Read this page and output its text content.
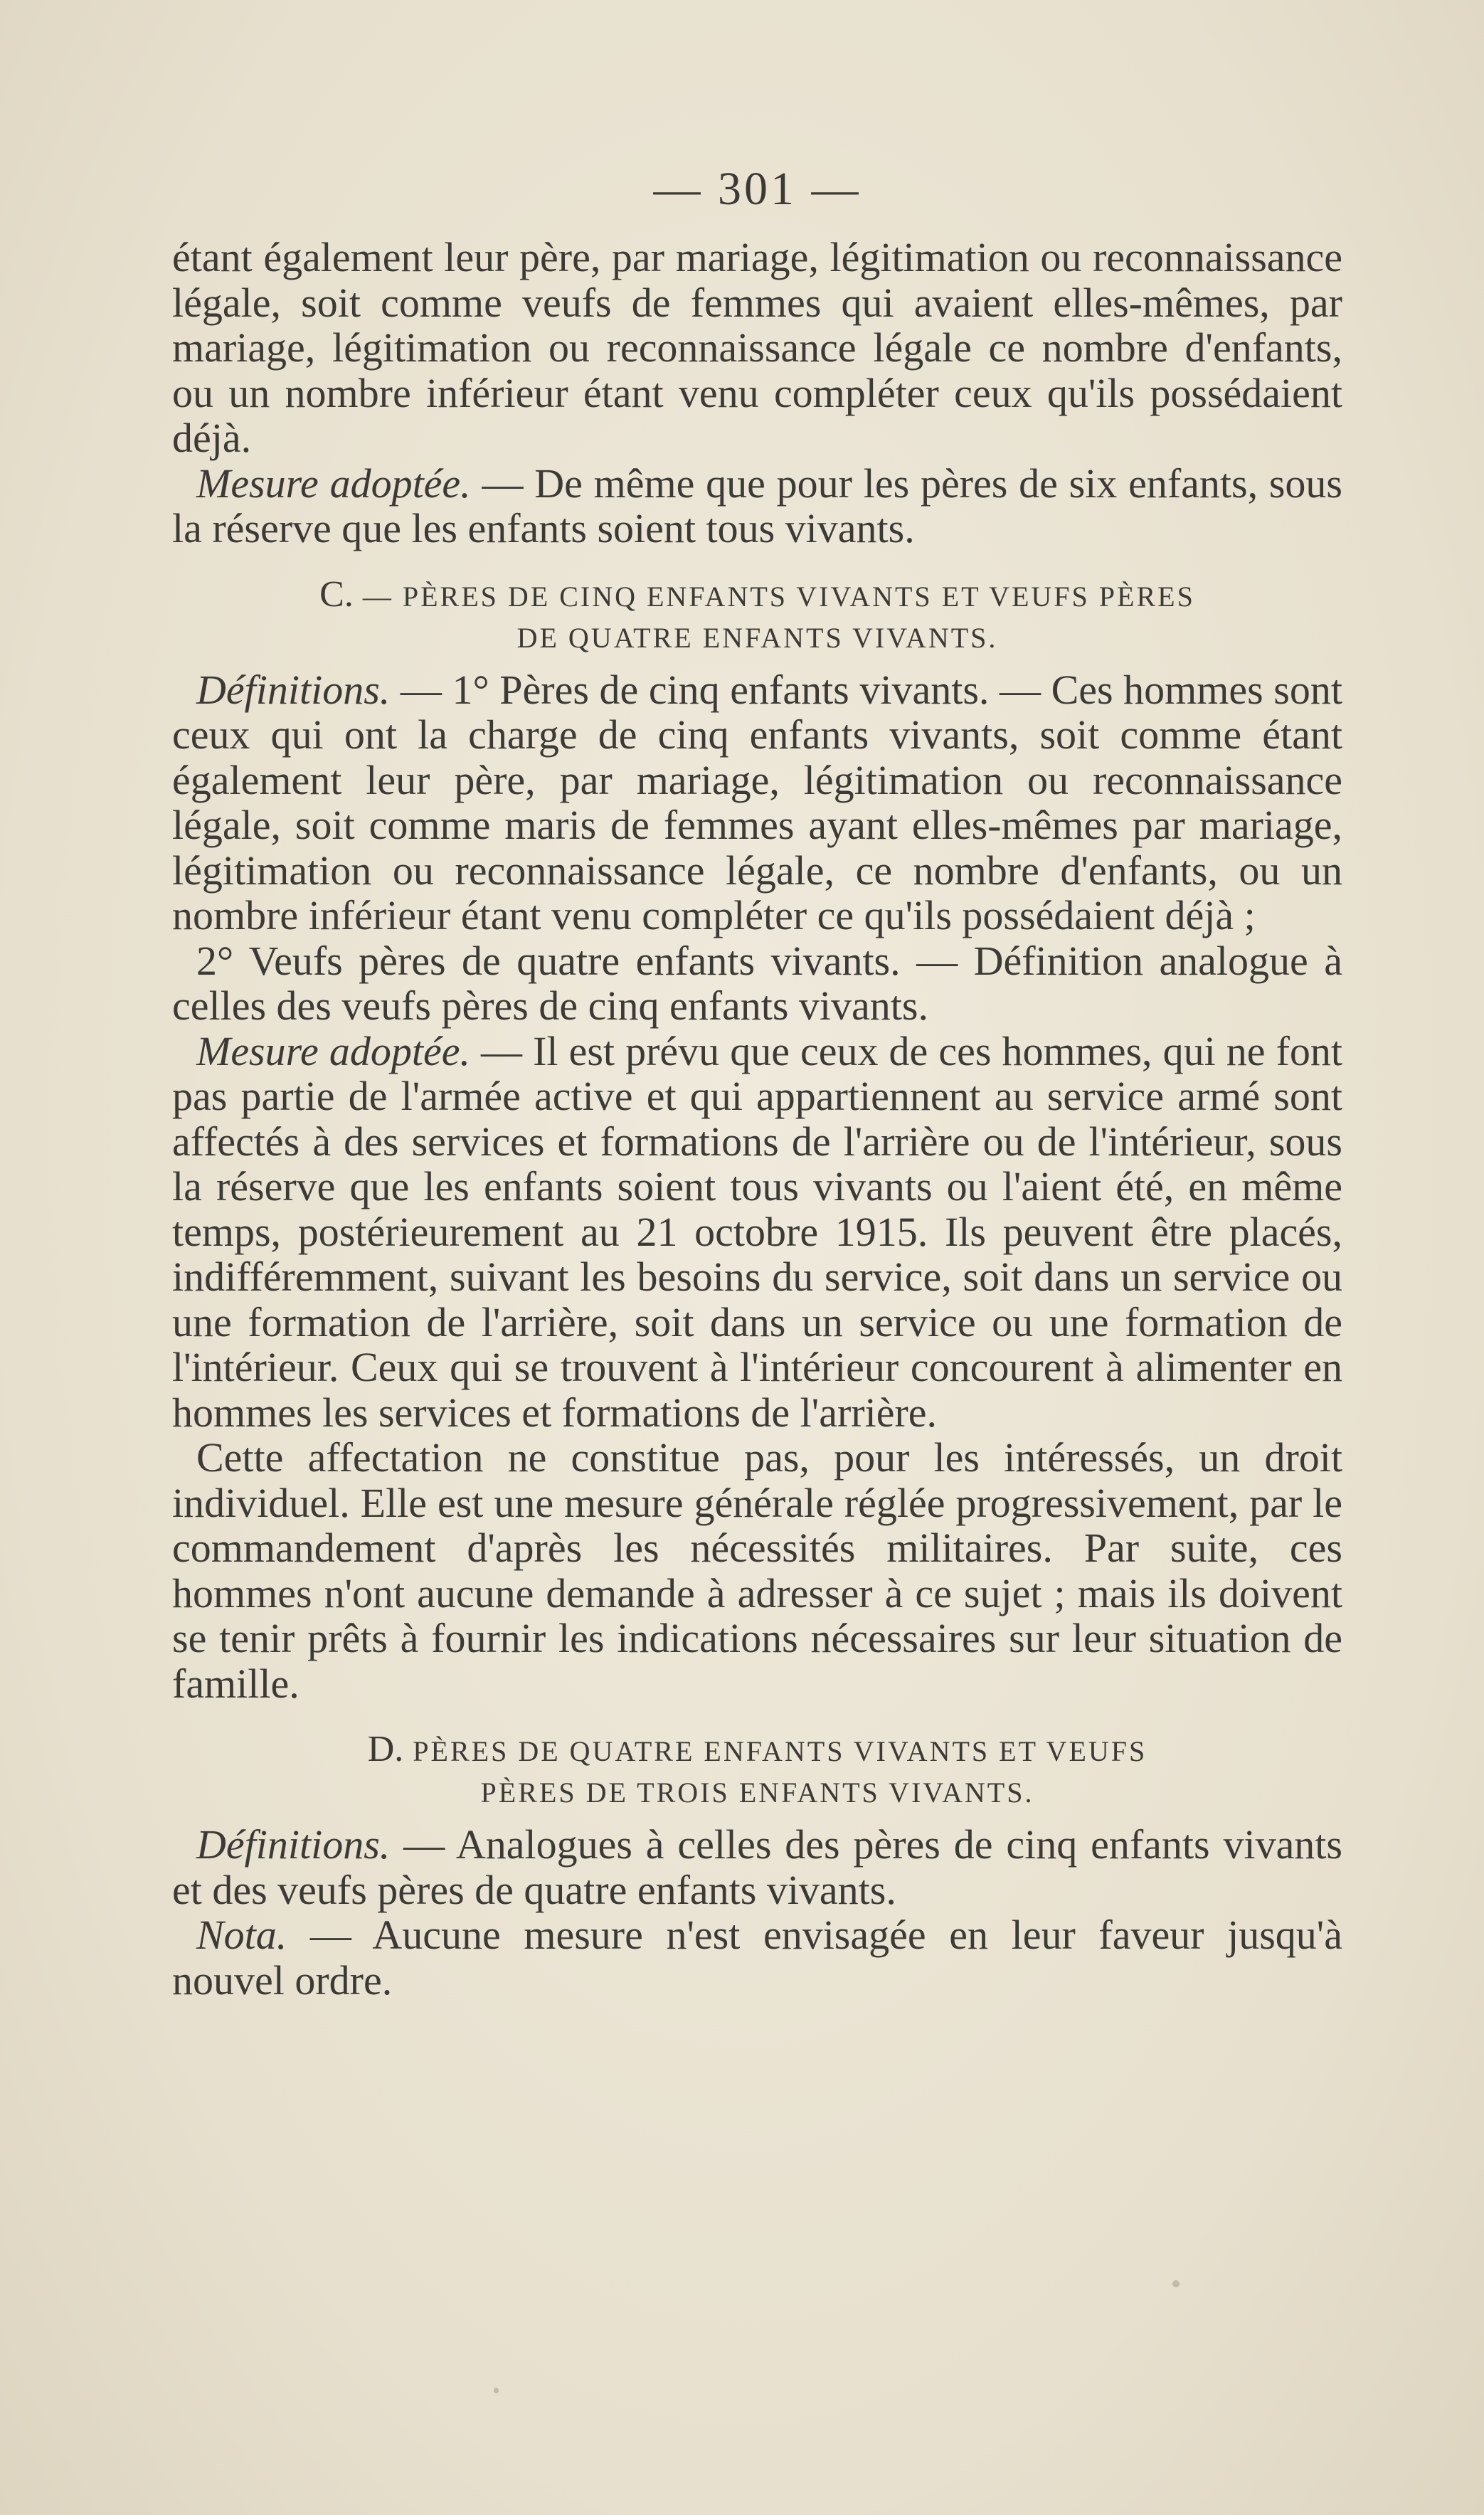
— 301 —

étant également leur père, par mariage, légitimation ou reconnaissance légale, soit comme veufs de femmes qui avaient elles-mêmes, par mariage, légitimation ou reconnaissance légale ce nombre d'enfants, ou un nombre inférieur étant venu compléter ceux qu'ils possédaient déjà.

Mesure adoptée. — De même que pour les pères de six enfants, sous la réserve que les enfants soient tous vivants.

C. — PÈRES DE CINQ ENFANTS VIVANTS ET VEUFS PÈRES
DE QUATRE ENFANTS VIVANTS.

Définitions. — 1° Pères de cinq enfants vivants. — Ces hommes sont ceux qui ont la charge de cinq enfants vivants, soit comme étant également leur père, par mariage, légitimation ou reconnaissance légale, soit comme maris de femmes ayant elles-mêmes par mariage, légitimation ou reconnaissance légale, ce nombre d'enfants, ou un nombre inférieur étant venu compléter ce qu'ils possédaient déjà ;

2° Veufs pères de quatre enfants vivants. — Définition analogue à celles des veufs pères de cinq enfants vivants.

Mesure adoptée. — Il est prévu que ceux de ces hommes, qui ne font pas partie de l'armée active et qui appartiennent au service armé sont affectés à des services et formations de l'arrière ou de l'intérieur, sous la réserve que les enfants soient tous vivants ou l'aient été, en même temps, postérieurement au 21 octobre 1915. Ils peuvent être placés, indifféremment, suivant les besoins du service, soit dans un service ou une formation de l'arrière, soit dans un service ou une formation de l'intérieur. Ceux qui se trouvent à l'intérieur concourent à alimenter en hommes les services et formations de l'arrière.

Cette affectation ne constitue pas, pour les intéressés, un droit individuel. Elle est une mesure générale réglée progressivement, par le commandement d'après les nécessités militaires. Par suite, ces hommes n'ont aucune demande à adresser à ce sujet ; mais ils doivent se tenir prêts à fournir les indications nécessaires sur leur situation de famille.

D. PÈRES DE QUATRE ENFANTS VIVANTS ET VEUFS
PÈRES DE TROIS ENFANTS VIVANTS.

Définitions. — Analogues à celles des pères de cinq enfants vivants et des veufs pères de quatre enfants vivants.

Nota. — Aucune mesure n'est envisagée en leur faveur jusqu'à nouvel ordre.
